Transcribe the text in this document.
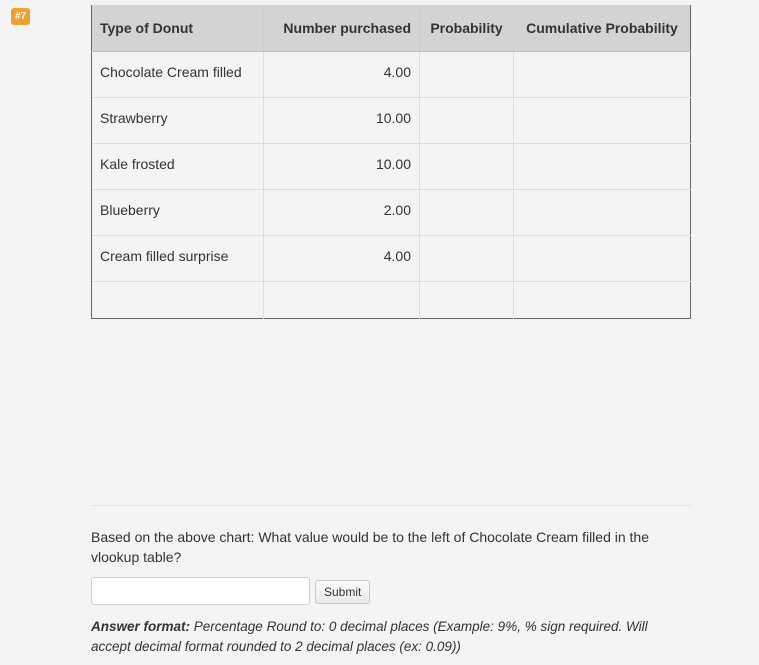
#7
Type of Donut	Number purchased	Probability	Cumulative Probability
Chocolate Cream filled	4.00		
Strawberry	10.00		
Kale frosted	10.00		
Blueberry	2.00		
Cream filled surprise	4.00		

Based on the above chart: What value would be to the left of Chocolate Cream filled in the vlookup table?
Submit
Answer format: Percentage Round to: 0 decimal places (Example: 9%, % sign required. Will accept decimal format rounded to 2 decimal places (ex: 0.09))
